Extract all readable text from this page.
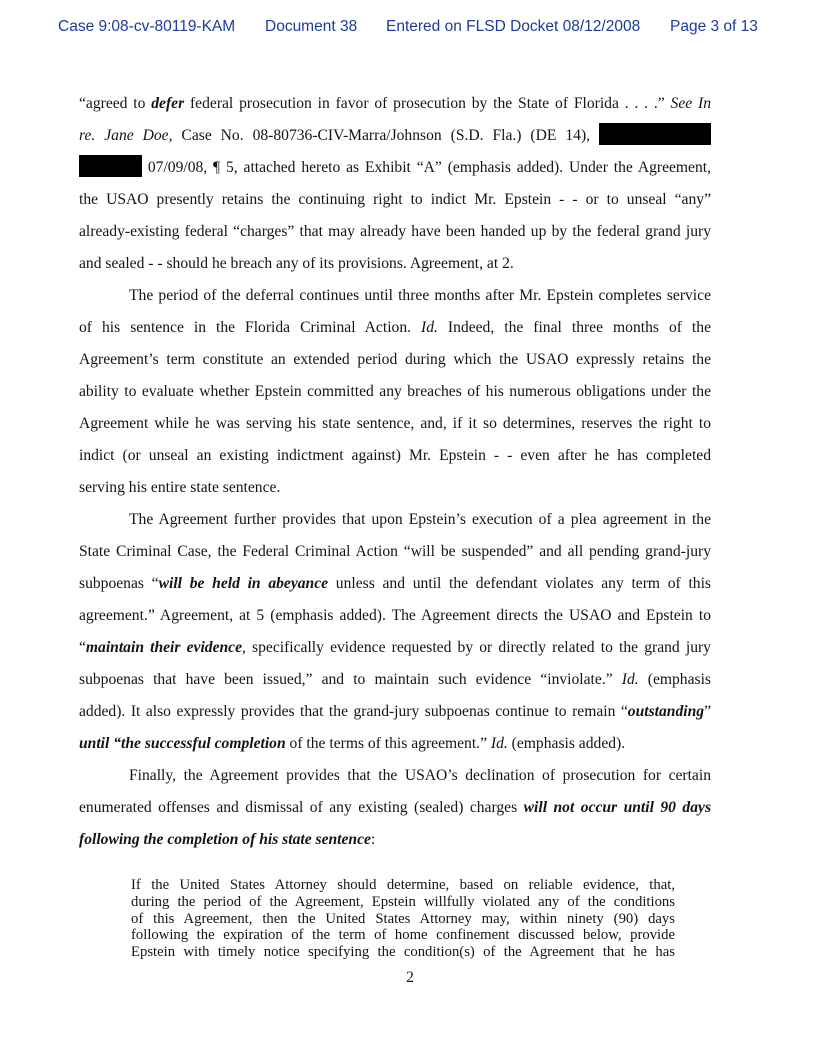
Case 9:08-cv-80119-KAM Document 38 Entered on FLSD Docket 08/12/2008 Page 3 of 13
“agreed to defer federal prosecution in favor of prosecution by the State of Florida . . . .” See In
re. Jane Doe, Case No. 08-80736-CIV-Marra/Johnson (S.D. Fla.) (DE 14),
07/09/08, ¶ 5, attached hereto as Exhibit “A” (emphasis added). Under the Agreement,
the USAO presently retains the continuing right to indict Mr. Epstein - - or to unseal “any”
already-existing federal “charges” that may already have been handed up by the federal grand jury
and sealed - - should he breach any of its provisions. Agreement, at 2.
The period of the deferral continues until three months after Mr. Epstein completes service
of his sentence in the Florida Criminal Action. Id. Indeed, the final three months of the
Agreement’s term constitute an extended period during which the USAO expressly retains the
ability to evaluate whether Epstein committed any breaches of his numerous obligations under the
Agreement while he was serving his state sentence, and, if it so determines, reserves the right to
indict (or unseal an existing indictment against) Mr. Epstein - - even after he has completed
serving his entire state sentence.
The Agreement further provides that upon Epstein’s execution of a plea agreement in the
State Criminal Case, the Federal Criminal Action “will be suspended” and all pending grand-jury
subpoenas “will be held in abeyance unless and until the defendant violates any term of this
agreement.” Agreement, at 5 (emphasis added). The Agreement directs the USAO and Epstein to
“maintain their evidence, specifically evidence requested by or directly related to the grand jury
subpoenas that have been issued,” and to maintain such evidence “inviolate.” Id. (emphasis
added). It also expressly provides that the grand-jury subpoenas continue to remain “outstanding”
until “the successful completion of the terms of this agreement.” Id. (emphasis added).
Finally, the Agreement provides that the USAO’s declination of prosecution for certain
enumerated offenses and dismissal of any existing (sealed) charges will not occur until 90 days
following the completion of his state sentence:
If the United States Attorney should determine, based on reliable evidence, that,
during the period of the Agreement, Epstein willfully violated any of the conditions
of this Agreement, then the United States Attorney may, within ninety (90) days
following the expiration of the term of home confinement discussed below, provide
Epstein with timely notice specifying the condition(s) of the Agreement that he has
2
